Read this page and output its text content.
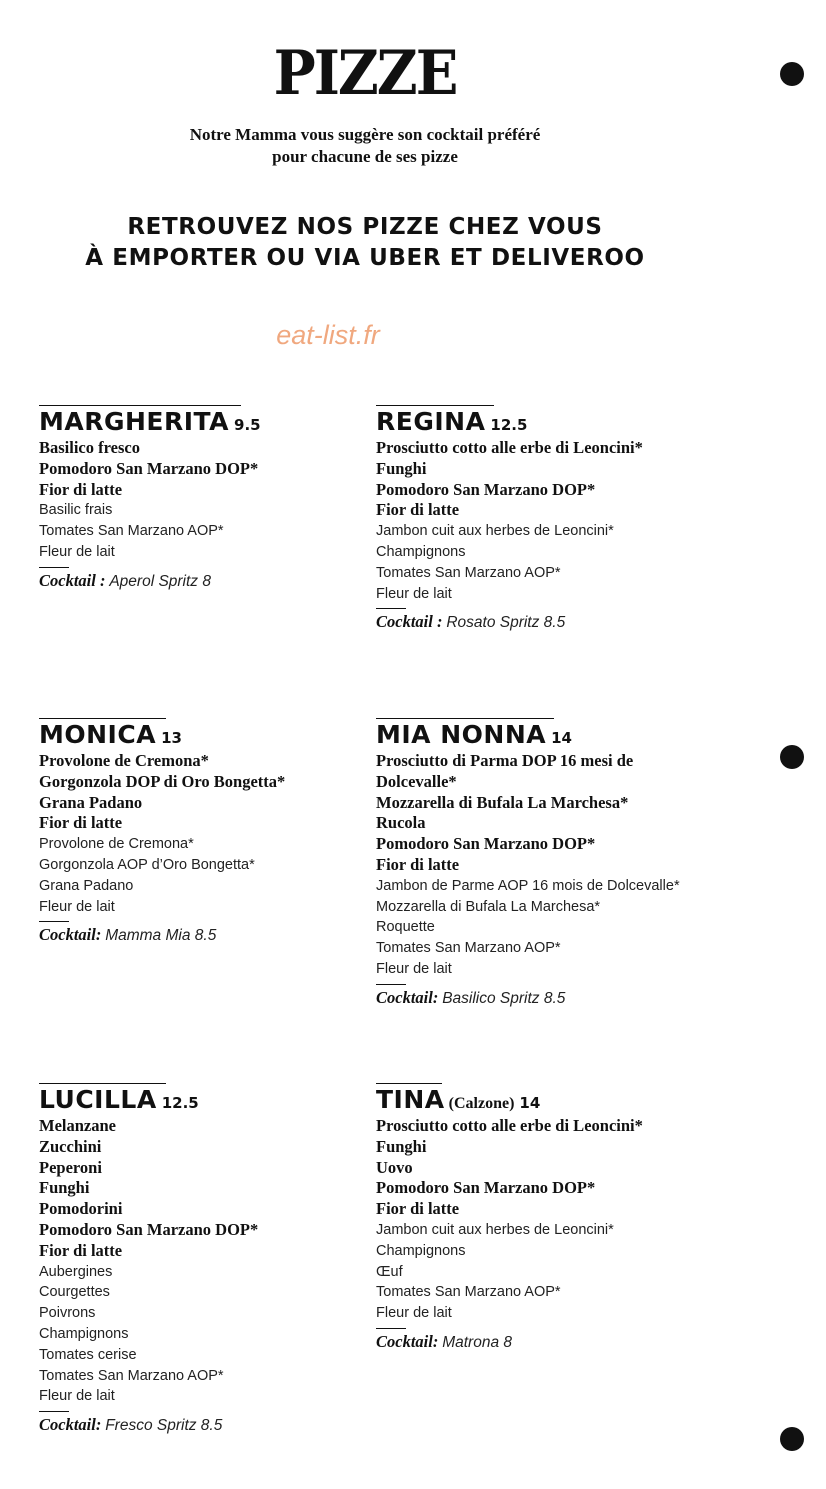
PIZZE
Notre Mamma vous suggère son cocktail préféré
pour chacune de ses pizze
RETROUVEZ NOS PIZZE CHEZ VOUS
À EMPORTER OU VIA UBER ET DELIVEROO
eat-list.fr
MARGHERITA 9.5
Basilico fresco
Pomodoro San Marzano DOP*
Fior di latte
Basilic frais
Tomates San Marzano AOP*
Fleur de lait
Cocktail : Aperol Spritz 8
REGINA 12.5
Prosciutto cotto alle erbe di Leoncini*
Funghi
Pomodoro San Marzano DOP*
Fior di latte
Jambon cuit aux herbes de Leoncini*
Champignons
Tomates San Marzano AOP*
Fleur de lait
Cocktail : Rosato Spritz 8.5
MONICA 13
Provolone de Cremona*
Gorgonzola DOP di Oro Bongetta*
Grana Padano
Fior di latte
Provolone de Cremona*
Gorgonzola AOP d’Oro Bongetta*
Grana Padano
Fleur de lait
Cocktail: Mamma Mia 8.5
MIA NONNA 14
Prosciutto di Parma DOP 16 mesi de
Dolcevalle*
Mozzarella di Bufala La Marchesa*
Rucola
Pomodoro San Marzano DOP*
Fior di latte
Jambon de Parme AOP 16 mois de Dolcevalle*
Mozzarella di Bufala La Marchesa*
Roquette
Tomates San Marzano AOP*
Fleur de lait
Cocktail: Basilico Spritz 8.5
LUCILLA 12.5
Melanzane
Zucchini
Peperoni
Funghi
Pomodorini
Pomodoro San Marzano DOP*
Fior di latte
Aubergines
Courgettes
Poivrons
Champignons
Tomates cerise
Tomates San Marzano AOP*
Fleur de lait
Cocktail: Fresco Spritz 8.5
TINA (Calzone) 14
Prosciutto cotto alle erbe di Leoncini*
Funghi
Uovo
Pomodoro San Marzano DOP*
Fior di latte
Jambon cuit aux herbes de Leoncini*
Champignons
Œuf
Tomates San Marzano AOP*
Fleur de lait
Cocktail: Matrona 8
